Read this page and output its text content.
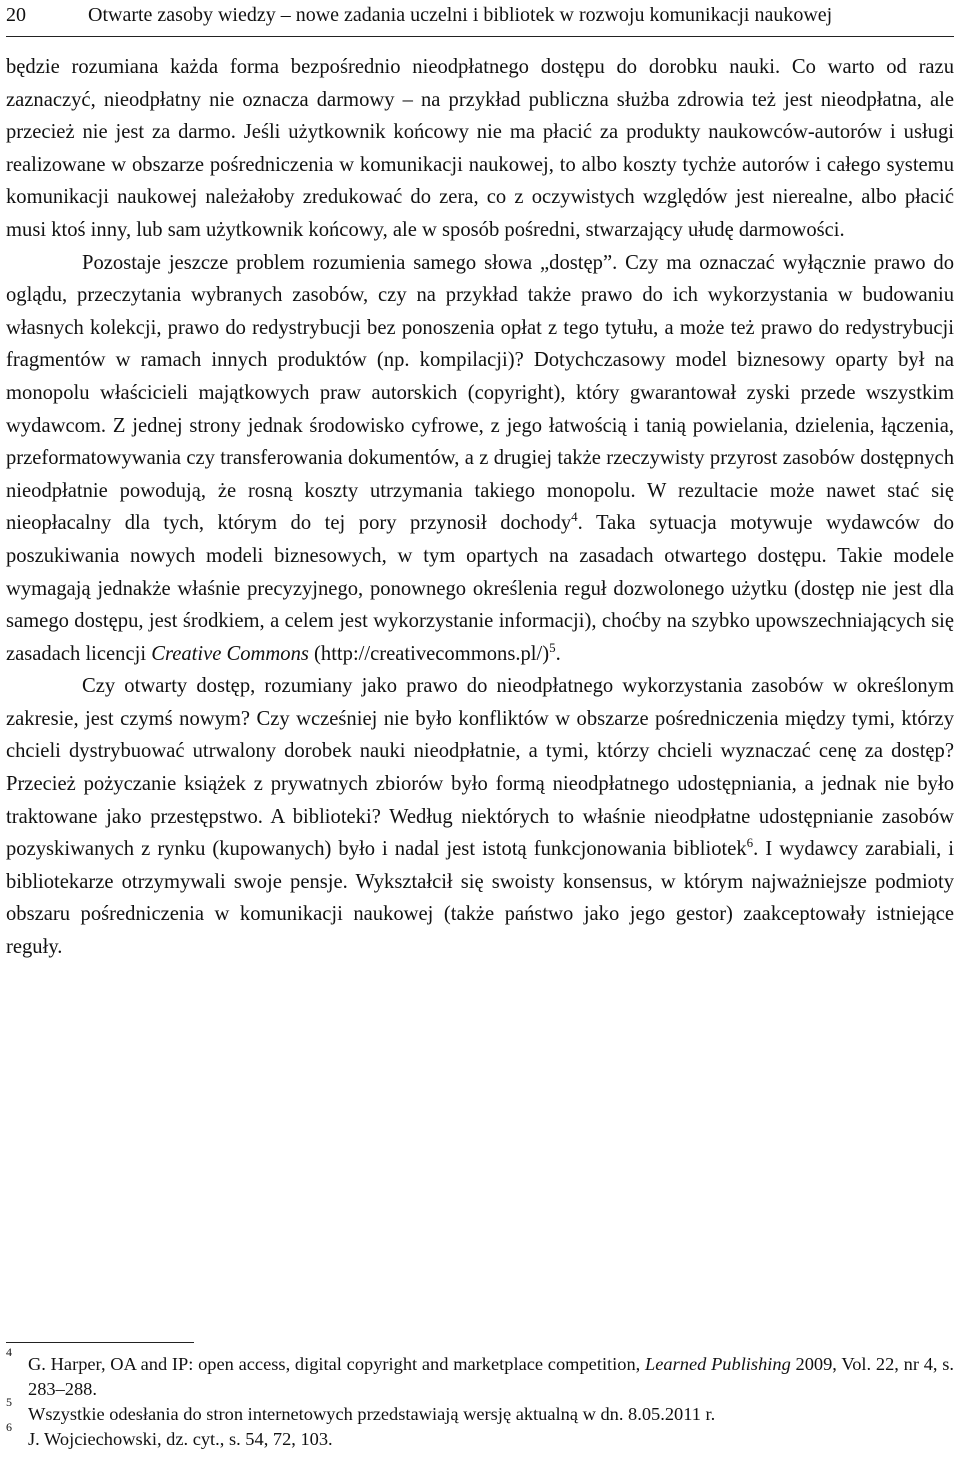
20	Otwarte zasoby wiedzy – nowe zadania uczelni i bibliotek w rozwoju komunikacji naukowej

będzie rozumiana każda forma bezpośrednio nieodpłatnego dostępu do dorobku nauki. Co warto od razu zaznaczyć, nieodpłatny nie oznacza darmowy – na przykład publiczna służba zdrowia też jest nieodpłatna, ale przecież nie jest za darmo. Jeśli użytkownik końcowy nie ma płacić za produkty naukowców-autorów i usługi realizowane w obszarze pośredniczenia w komunikacji naukowej, to albo koszty tychże autorów i całego systemu komunikacji naukowej należałoby zredukować do zera, co z oczywistych względów jest nierealne, albo płacić musi ktoś inny, lub sam użytkownik końcowy, ale w sposób pośredni, stwarzający ułudę darmowości.

Pozostaje jeszcze problem rozumienia samego słowa „dostęp”. Czy ma oznaczać wyłącznie prawo do oglądu, przeczytania wybranych zasobów, czy na przykład także prawo do ich wykorzystania w budowaniu własnych kolekcji, prawo do redystrybucji bez ponoszenia opłat z tego tytułu, a może też prawo do redystrybucji fragmentów w ramach innych produktów (np. kompilacji)? Dotychczasowy model biznesowy oparty był na monopolu właścicieli majątkowych praw autorskich (copyright), który gwarantował zyski przede wszystkim wydawcom. Z jednej strony jednak środowisko cyfrowe, z jego łatwością i tanią powielania, dzielenia, łączenia, przeformatowywania czy transferowania dokumentów, a z drugiej także rzeczywisty przyrost zasobów dostępnych nieodpłatnie powodują, że rosną koszty utrzymania takiego monopolu. W rezultacie może nawet stać się nieopłacalny dla tych, którym do tej pory przynosił dochody$^4$. Taka sytuacja motywuje wydawców do poszukiwania nowych modeli biznesowych, w tym opartych na zasadach otwartego dostępu. Takie modele wymagają jednakże właśnie precyzyjnego, ponownego określenia reguł dozwolonego użytku (dostęp nie jest dla samego dostępu, jest środkiem, a celem jest wykorzystanie informacji), choćby na szybko upowszechniających się zasadach licencji Creative Commons (http://creativecommons.pl/)$^5$.

Czy otwarty dostęp, rozumiany jako prawo do nieodpłatnego wykorzystania zasobów w określonym zakresie, jest czymś nowym? Czy wcześniej nie było konfliktów w obszarze pośredniczenia między tymi, którzy chcieli dystrybuować utrwalony dorobek nauki nieodpłatnie, a tymi, którzy chcieli wyznaczać cenę za dostęp? Przecież pożyczanie książek z prywatnych zbiorów było formą nieodpłatnego udostępniania, a jednak nie było traktowane jako przestępstwo. A biblioteki? Według niektórych to właśnie nieodpłatne udostępnianie zasobów pozyskiwanych z rynku (kupowanych) było i nadal jest istotą funkcjonowania bibliotek$^6$. I wydawcy zarabiali, i bibliotekarze otrzymywali swoje pensje. Wykształcił się swoisty konsensus, w którym najważniejsze podmioty obszaru pośredniczenia w komunikacji naukowej (także państwo jako jego gestor) zaakceptowały istniejące reguły.

4
G. Harper, OA and IP: open access, digital copyright and marketplace competition, Learned Publishing 2009, Vol. 22, nr 4, s. 283–288.
5
Wszystkie odesłania do stron internetowych przedstawiają wersję aktualną w dn. 8.05.2011 r.
6
J. Wojciechowski, dz. cyt., s. 54, 72, 103.
